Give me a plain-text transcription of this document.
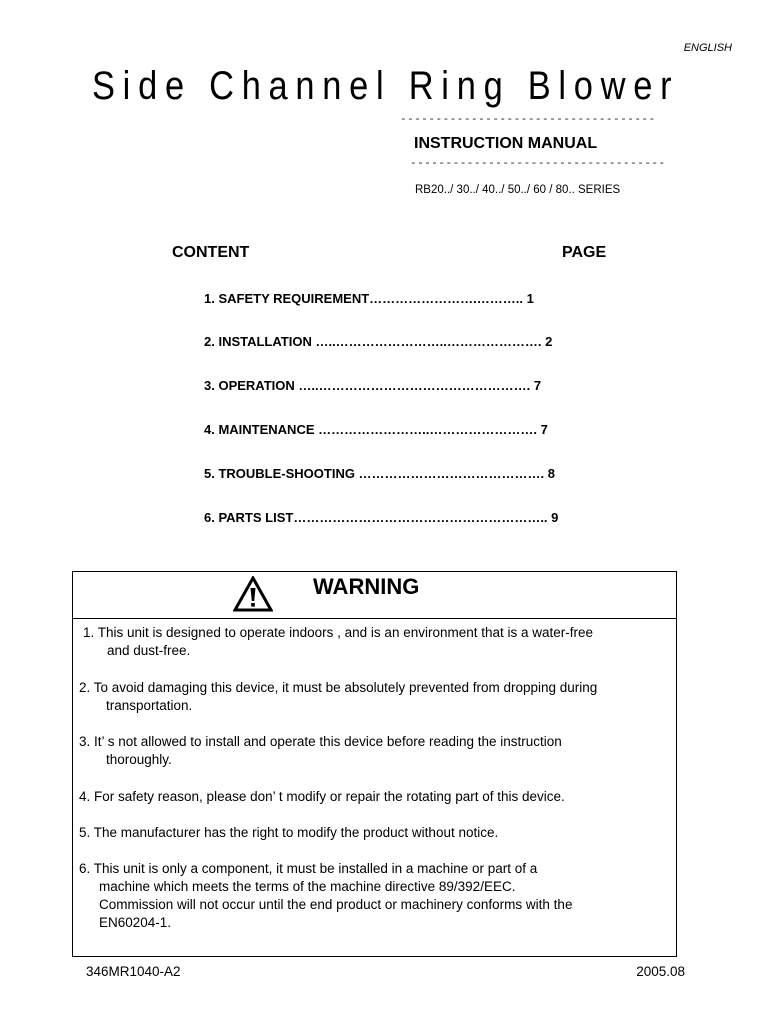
ENGLISH
Side Channel Ring Blower
------------------------------------
INSTRUCTION MANUAL
------------------------------------
RB20../ 30../ 40../ 50../ 60 / 80.. SERIES
CONTENT	PAGE
1. SAFETY REQUIREMENT…………………….……….. 1
2. INSTALLATION …..……………………..…………………. 2
3. OPERATION …..…………………………………………. 7
4. MAINTENANCE ……………………..……………………. 7
5. TROUBLE-SHOOTING ……………………………………. 8
6. PARTS LIST………………………………………………….. 9
WARNING
1. This unit is designed to operate indoors , and is an environment that is a water-free
and dust-free.
2. To avoid damaging this device, it must be absolutely prevented from dropping during
transportation.
3. It’ s not allowed to install and operate this device before reading the instruction
thoroughly.
4. For safety reason, please don’ t modify or repair the rotating part of this device.
5. The manufacturer has the right to modify the product without notice.
6. This unit is only a component, it must be installed in a machine or part of a
machine which meets the terms of the machine directive 89/392/EEC.
Commission will not occur until the end product or machinery conforms with the
EN60204-1.
346MR1040-A2	2005.08
